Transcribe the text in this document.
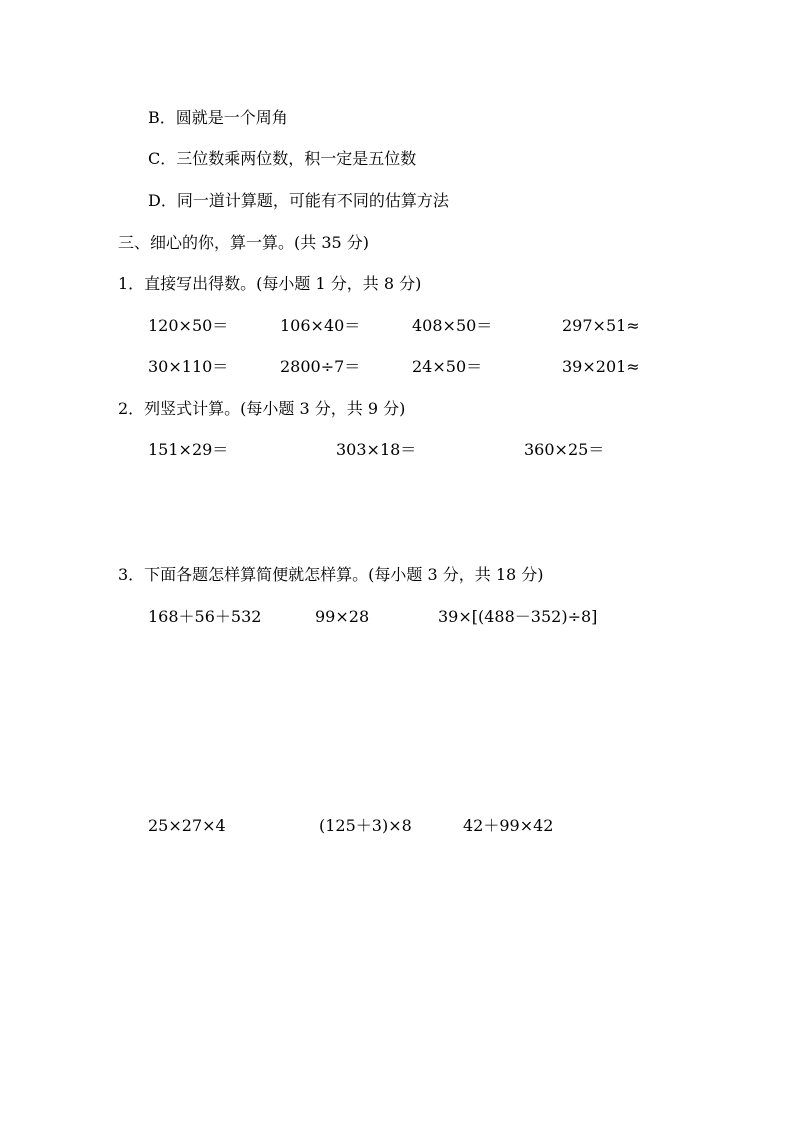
B．圆就是一个周角
C．三位数乘两位数，积一定是五位数
D．同一道计算题，可能有不同的估算方法
三、细心的你，算一算。(共 35 分)
1．直接写出得数。(每小题 1 分，共 8 分)
120×50＝	106×40＝	408×50＝	297×51≈
30×110＝	2800÷7＝	24×50＝	39×201≈
2．列竖式计算。(每小题 3 分，共 9 分)
151×29＝	303×18＝	360×25＝
3．下面各题怎样算简便就怎样算。(每小题 3 分，共 18 分)
168＋56＋532	99×28	39×[(488－352)÷8]
25×27×4	(125＋3)×8	42＋99×42
